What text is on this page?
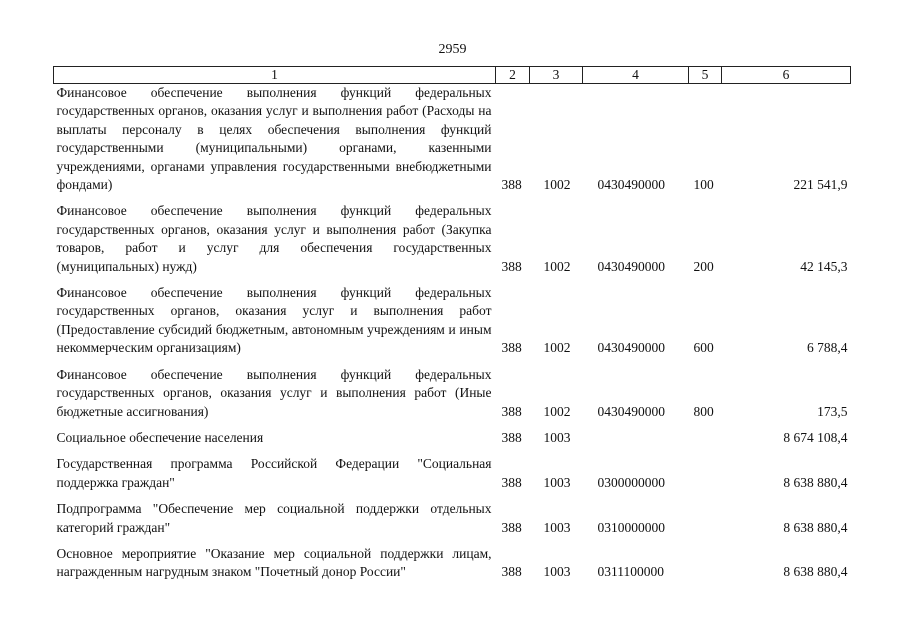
2959
1	2	3	4	5	6
Финансовое обеспечение выполнения функций федеральных государственных органов, оказания услуг и выполнения работ (Расходы на выплаты персоналу в целях обеспечения выполнения функций государственными (муниципальными) органами, казенными учреждениями, органами управления государственными внебюджетными фондами)	388	1002	0430490000	100	221 541,9

Финансовое обеспечение выполнения функций федеральных государственных органов, оказания услуг и выполнения работ (Закупка товаров, работ и услуг для обеспечения государственных (муниципальных) нужд)	388	1002	0430490000	200	42 145,3

Финансовое обеспечение выполнения функций федеральных государственных органов, оказания услуг и выполнения работ (Предоставление субсидий бюджетным, автономным учреждениям и иным некоммерческим организациям)	388	1002	0430490000	600	6 788,4

Финансовое обеспечение выполнения функций федеральных государственных органов, оказания услуг и выполнения работ (Иные бюджетные ассигнования)	388	1002	0430490000	800	173,5

Социальное обеспечение населения	388	1003			8 674 108,4

Государственная программа Российской Федерации "Социальная поддержка граждан"	388	1003	0300000000		8 638 880,4

Подпрограмма "Обеспечение мер социальной поддержки отдельных категорий граждан"	388	1003	0310000000		8 638 880,4

Основное мероприятие "Оказание мер социальной поддержки лицам, награжденным нагрудным знаком "Почетный донор России"	388	1003	0311100000		8 638 880,4
